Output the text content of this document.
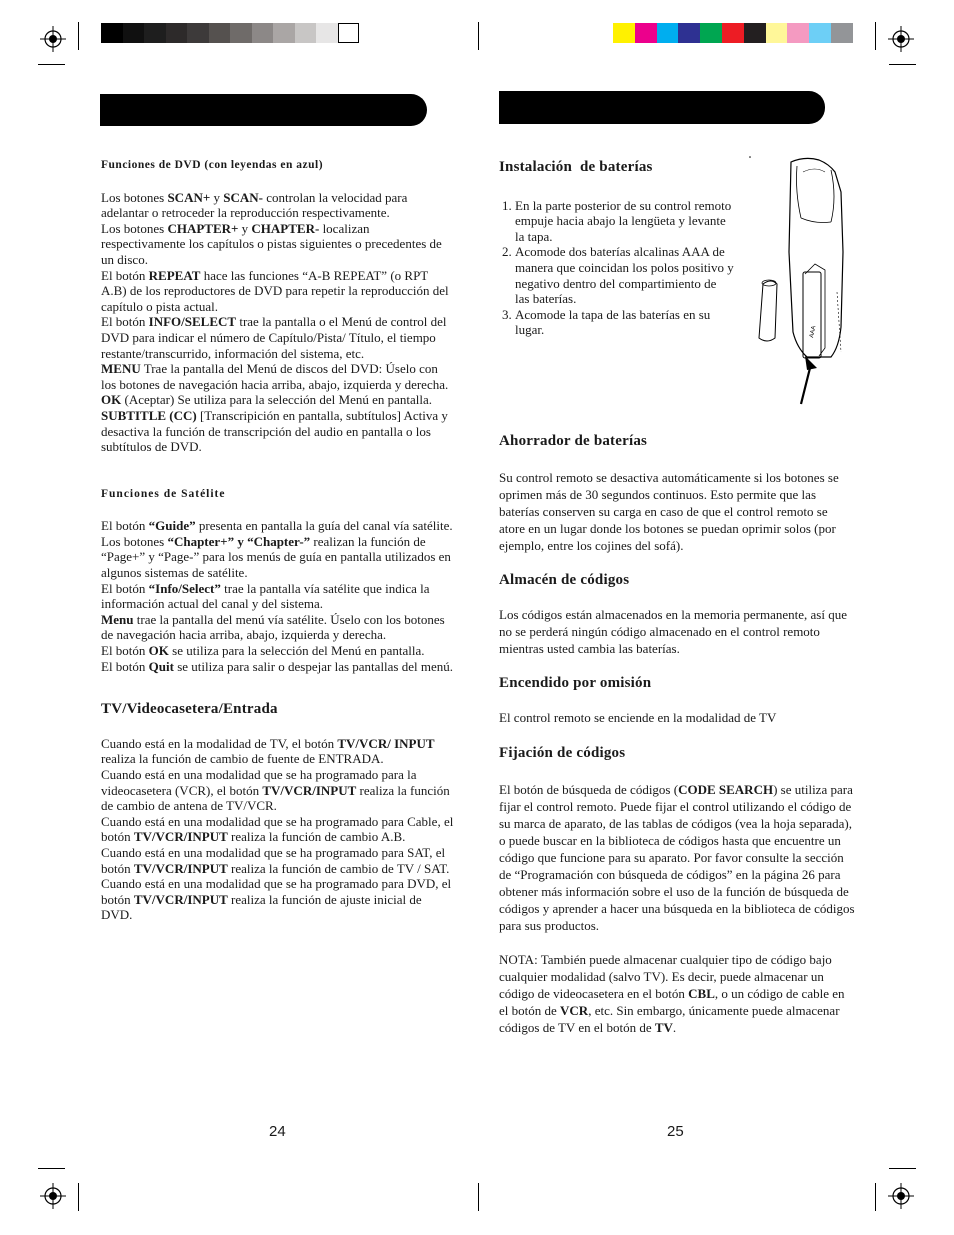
Funciones de DVD (con leyendas en azul)

Los botones SCAN+ y SCAN- controlan la velocidad para adelantar o retroceder la reproducción respectivamente.

Los botones CHAPTER+ y CHAPTER- localizan respectivamente los capítulos o pistas siguientes o precedentes de un disco.

El botón REPEAT hace las funciones “A-B REPEAT” (o RPT A.B) de los reproductores de DVD para repetir la reproducción del capítulo o pista actual.

El botón INFO/SELECT trae la pantalla o el Menú de control del DVD para indicar el número de Capítulo/Pista/ Título, el tiempo restante/transcurrido, información del sistema, etc.

MENU Trae la pantalla del Menú de discos del DVD: Úselo con los botones de navegación hacia arriba, abajo, izquierda y derecha.

OK (Aceptar) Se utiliza para la selección del Menú en pantalla.

SUBTITLE (CC) [Transcripición en pantalla, subtítulos] Activa y desactiva la función de transcripción del audio en pantalla o los subtítulos de DVD.

Funciones de Satélite

El botón “Guide” presenta en pantalla la guía del canal vía satélite.

Los botones “Chapter+” y “Chapter-” realizan la función de “Page+” y “Page-” para los menús de guía en pantalla utilizados en algunos sistemas de satélite.

El botón “Info/Select” trae la pantalla vía satélite que indica la información actual del canal y del sistema.

Menu trae la pantalla del menú vía satélite. Úselo con los botones de navegación hacia arriba, abajo, izquierda y derecha.

El botón OK se utiliza para la selección del Menú en pantalla.

El botón Quit se utiliza para salir o despejar las pantallas del menú.

TV/Videocasetera/Entrada

Cuando está en la modalidad de TV, el botón TV/VCR/ INPUT realiza la función de cambio de fuente de ENTRADA.

Cuando está en una modalidad que se ha programado para la videocasetera (VCR), el botón TV/VCR/INPUT realiza la función de cambio de antena de TV/VCR.

Cuando está en una modalidad que se ha programado para Cable, el botón TV/VCR/INPUT realiza la función de cambio A.B.

Cuando está en una modalidad que se ha programado para SAT, el botón TV/VCR/INPUT realiza la función de cambio de TV / SAT.

Cuando está en una modalidad que se ha programado para DVD, el botón TV/VCR/INPUT realiza la función de ajuste inicial de DVD.

24
Instalación  de baterías
1. En la parte posterior de su control remoto empuje hacia abajo la lengüeta y levante la tapa.
2. Acomode dos baterías alcalinas AAA de manera que coincidan los polos positivo y negativo dentro del compartimiento de las baterías.
3. Acomode la tapa de las baterías en su lugar.	AAA
Ahorrador de baterías

Su control remoto se desactiva automáticamente si los botones se oprimen más de 30 segundos continuos. Esto permite que las baterías conserven su carga en caso de que el control remoto se atore en un lugar donde los botones se puedan oprimir solos (por ejemplo, entre los cojines del sofá).

Almacén de códigos

Los códigos están almacenados en la memoria permanente, así que no se perderá ningún código almacenado en el control remoto mientras usted cambia las baterías.

Encendido por omisión

El control remoto se enciende en la modalidad de TV

Fijación de códigos

El botón de búsqueda de códigos (CODE SEARCH) se utiliza para fijar el control remoto. Puede fijar el control utilizando el código de su marca de aparato, de las tablas de códigos (vea la hoja separada), o puede buscar en la biblioteca de códigos hasta que encuentre un código que funcione para su aparato. Por favor consulte la sección de “Programación con búsqueda de códigos” en la página 26 para obtener más información sobre el uso de la función de búsqueda de códigos y aprender a hacer una búsqueda en la biblioteca de códigos para sus productos.

NOTA: También puede almacenar cualquier tipo de código bajo cualquier modalidad (salvo TV). Es decir, puede almacenar un código de videocasetera en el botón CBL, o un código de cable en el botón de VCR, etc. Sin embargo, únicamente puede almacenar códigos de TV en el botón de TV.

25
